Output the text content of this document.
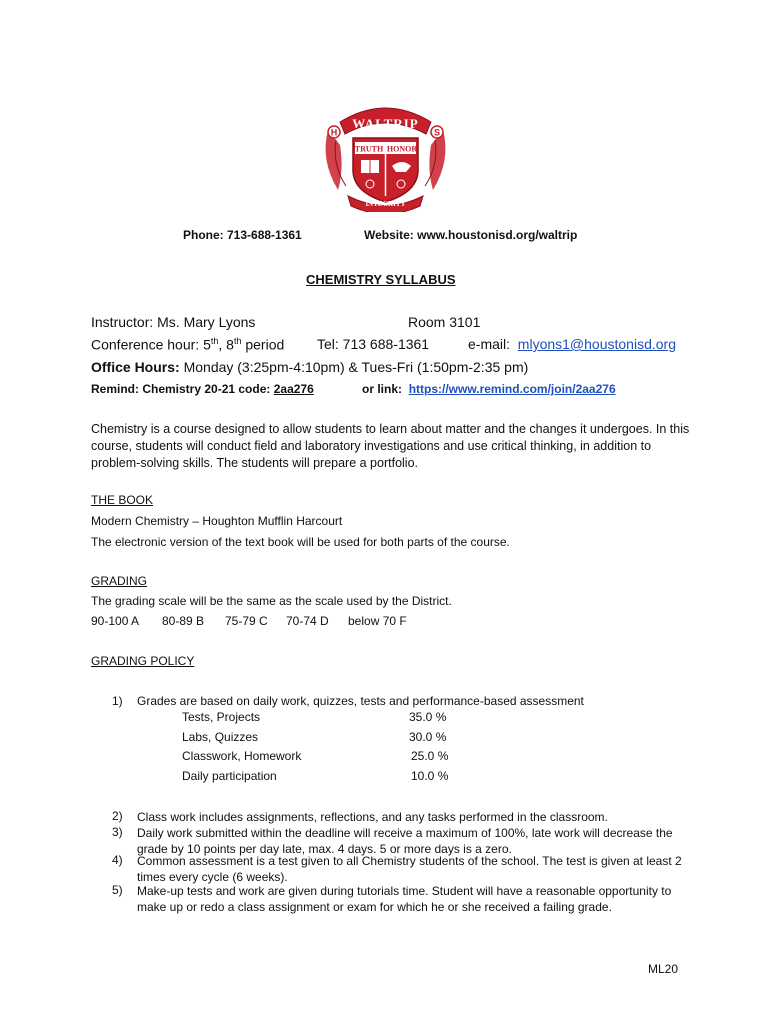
WALTRIP
H	S
TRUTH HONOR
INTEGRITY
Phone: 713-688-1361	Website: www.houstonisd.org/waltrip
CHEMISTRY SYLLABUS
Instructor: Ms. Mary Lyons	Room 3101
Conference hour: 5th, 8th period Tel: 713 688-1361	e-mail: mlyons1@houstonisd.org
Office Hours: Monday (3:25pm-4:10pm) & Tues-Fri (1:50pm-2:35 pm)
Remind: Chemistry 20-21 code: 2aa276	or link: https://www.remind.com/join/2aa276
Chemistry is a course designed to allow students to learn about matter and the changes it undergoes. In this course, students will conduct field and laboratory investigations and use critical thinking, in addition to problem-solving skills. The students will prepare a portfolio.
THE BOOK
Modern Chemistry – Houghton Mufflin Harcourt
The electronic version of the text book will be used for both parts of the course.
GRADING
The grading scale will be the same as the scale used by the District.
90-100 A 80-89 B 75-79 C 70-74 D below 70 F
GRADING POLICY
1) Grades are based on daily work, quizzes, tests and performance-based assessment
Tests, Projects	35.0 %
Labs, Quizzes	30.0 %
Classwork, Homework	25.0 %
Daily participation	10.0 %
2) Class work includes assignments, reflections, and any tasks performed in the classroom.
3) Daily work submitted within the deadline will receive a maximum of 100%, late work will decrease the grade by 10 points per day late, max. 4 days. 5 or more days is a zero.
4) Common assessment is a test given to all Chemistry students of the school. The test is given at least 2 times every cycle (6 weeks).
5) Make-up tests and work are given during tutorials time. Student will have a reasonable opportunity to make up or redo a class assignment or exam for which he or she received a failing grade.
ML20
